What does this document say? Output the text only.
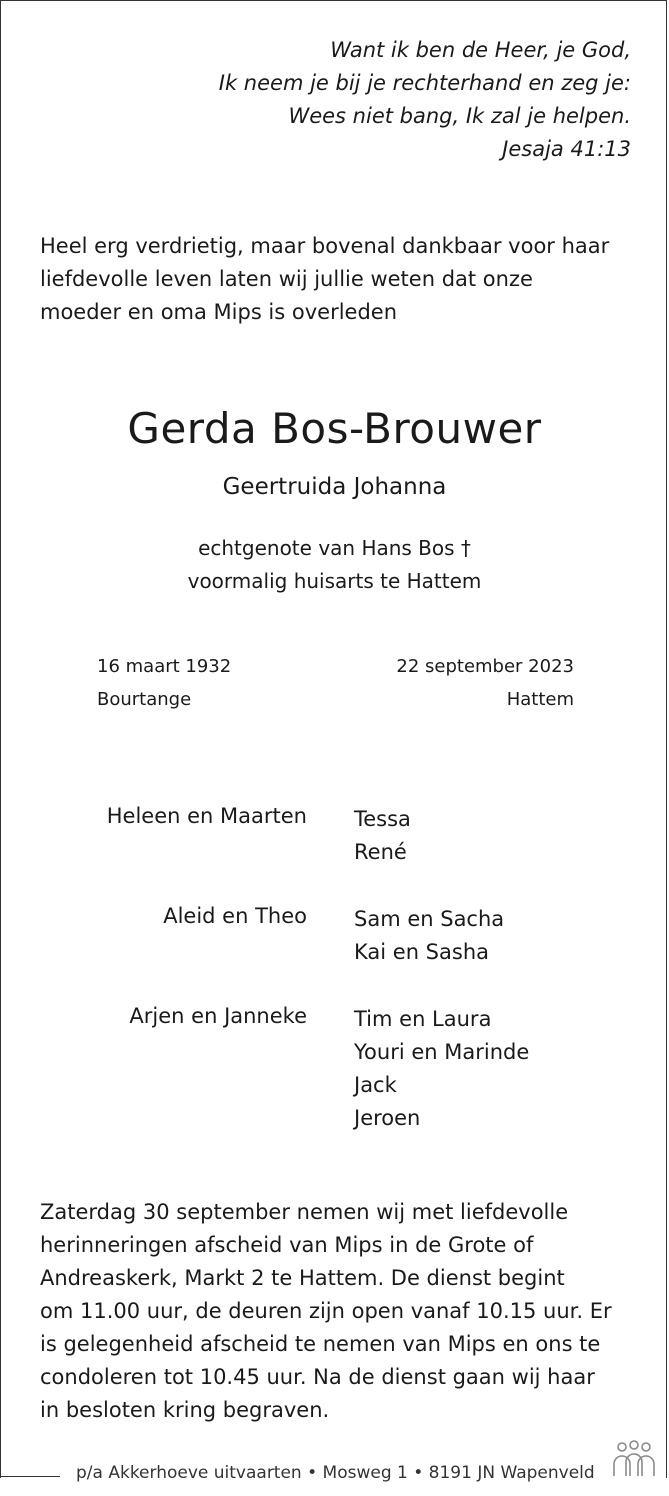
Want ik ben de Heer, je God,
Ik neem je bij je rechterhand en zeg je:
Wees niet bang, Ik zal je helpen.
Jesaja 41:13
Heel erg verdrietig, maar bovenal dankbaar voor haar
liefdevolle leven laten wij jullie weten dat onze
moeder en oma Mips is overleden
Gerda Bos-Brouwer
Geertruida Johanna
echtgenote van Hans Bos †
voormalig huisarts te Hattem
16 maart 1932
Bourtange
22 september 2023
Hattem
Heleen en Maarten Tessa
René
Aleid en Theo Sam en Sacha
Kai en Sasha
Arjen en Janneke Tim en Laura
Youri en Marinde
Jack
Jeroen
Zaterdag 30 september nemen wij met liefdevolle
herinneringen afscheid van Mips in de Grote of
Andreaskerk, Markt 2 te Hattem. De dienst begint
om 11.00 uur, de deuren zijn open vanaf 10.15 uur. Er
is gelegenheid afscheid te nemen van Mips en ons te
condoleren tot 10.45 uur. Na de dienst gaan wij haar
in besloten kring begraven.
p/a Akkerhoeve uitvaarten • Mosweg 1 • 8191 JN Wapenveld
